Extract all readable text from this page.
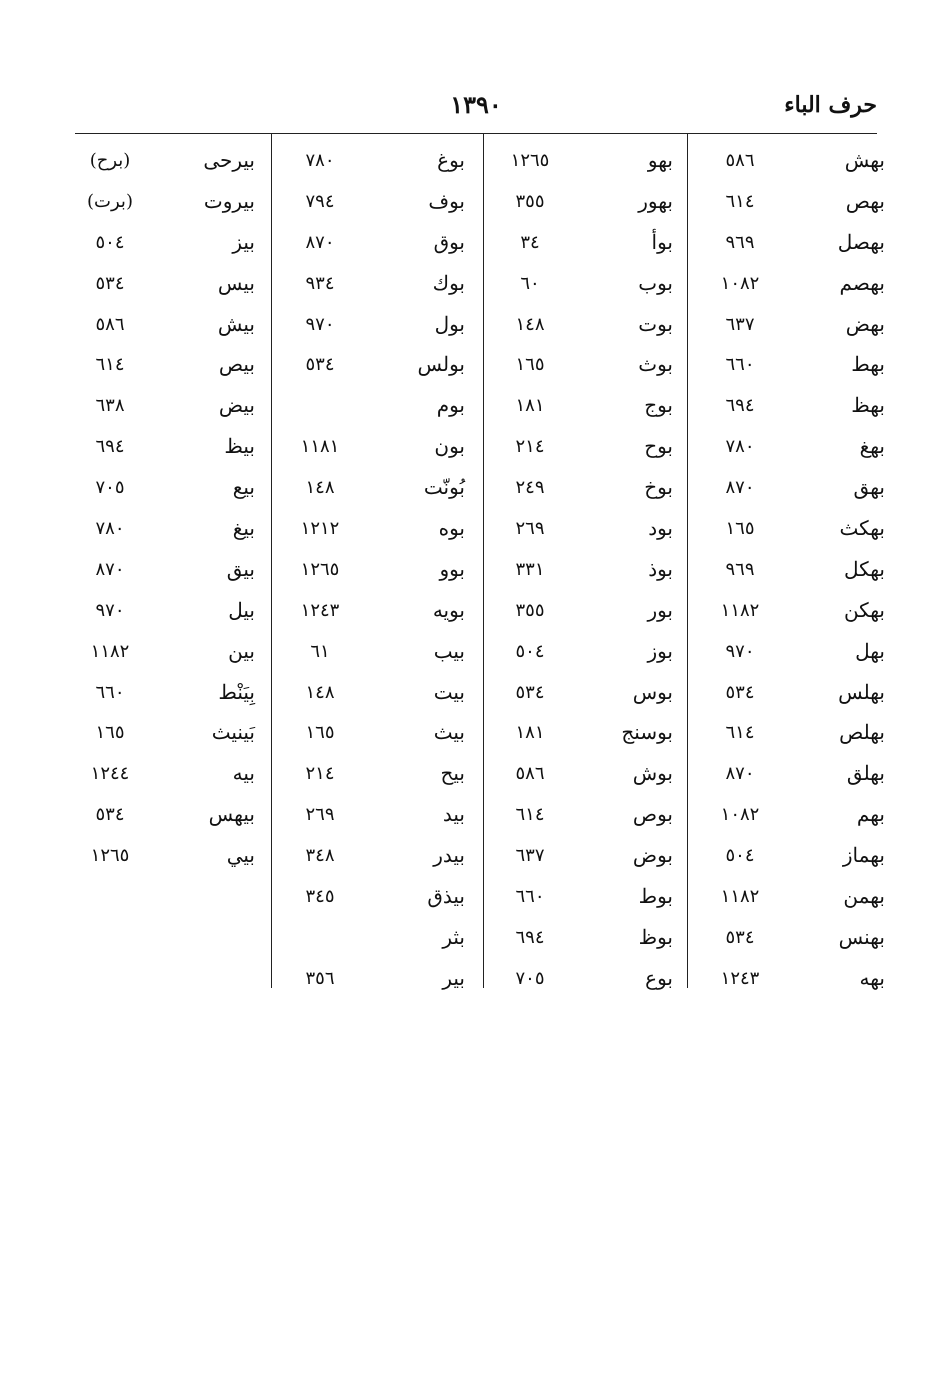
١٣٩٠	حرف الباء
بهش
٥٨٦
بهص
٦١٤
بهصل
٩٦٩
بهصم
١٠٨٢
بهض
٦٣٧
بهط
٦٦٠
بهظ
٦٩٤
بهغ
٧٨٠
بهق
٨٧٠
بهكث
١٦٥
بهكل
٩٦٩
بهكن
١١٨٢
بهل
٩٧٠
بهلس
٥٣٤
بهلص
٦١٤
بهلق
٨٧٠
بهم
١٠٨٢
بهماز
٥٠٤
بهمن
١١٨٢
بهنس
٥٣٤
بهه
١٢٤٣
بهو
١٢٦٥
بهور
٣٥٥
بوأ
٣٤
بوب
٦٠
بوت
١٤٨
بوث
١٦٥
بوج
١٨١
بوح
٢١٤
بوخ
٢٤٩
بود
٢٦٩
بوذ
٣٣١
بور
٣٥٥
بوز
٥٠٤
بوس
٥٣٤
بوسنج
١٨١
بوش
٥٨٦
بوص
٦١٤
بوض
٦٣٧
بوط
٦٦٠
بوظ
٦٩٤
بوع
٧٠٥
بوغ
٧٨٠
بوف
٧٩٤
بوق
٨٧٠
بوك
٩٣٤
بول
٩٧٠
بولس
٥٣٤
بوم
بون
١١٨١
بُونّت
١٤٨
بوه
١٢١٢
بوو
١٢٦٥
بويه
١٢٤٣
بيب
٦١
بيت
١٤٨
بيث
١٦٥
بيح
٢١٤
بيد
٢٦٩
بيدر
٣٤٨
بيذق
٣٤٥
بثر
بير
٣٥٦
بيرحى
(برح)
بيروت
(برت)
بيز
٥٠٤
بيس
٥٣٤
بيش
٥٨٦
بيص
٦١٤
بيض
٦٣٨
بيظ
٦٩٤
بيع
٧٠٥
بيغ
٧٨٠
بيق
٨٧٠
بيل
٩٧٠
بين
١١٨٢
بِيَنْط
٦٦٠
بَينيث
١٦٥
بيه
١٢٤٤
بيهس
٥٣٤
بيي
١٢٦٥
